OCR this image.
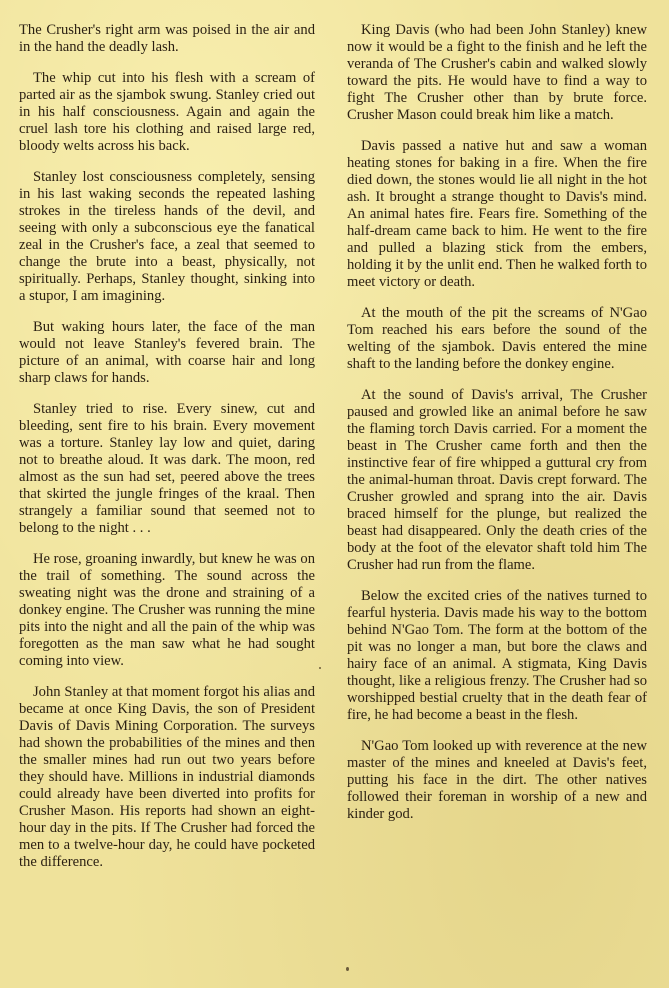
The Crusher's right arm was poised in the air and in the hand the deadly lash.

The whip cut into his flesh with a scream of parted air as the sjambok swung. Stanley cried out in his half consciousness. Again and again the cruel lash tore his clothing and raised large red, bloody welts across his back.

Stanley lost consciousness completely, sensing in his last waking seconds the repeated lashing strokes in the tireless hands of the devil, and seeing with only a subconscious eye the fanatical zeal in the Crusher's face, a zeal that seemed to change the brute into a beast, physically, not spiritually. Perhaps, Stanley thought, sinking into a stupor, I am imagining.

But waking hours later, the face of the man would not leave Stanley's fevered brain. The picture of an animal, with coarse hair and long sharp claws for hands.

Stanley tried to rise. Every sinew, cut and bleeding, sent fire to his brain. Every movement was a torture. Stanley lay low and quiet, daring not to breathe aloud. It was dark. The moon, red almost as the sun had set, peered above the trees that skirted the jungle fringes of the kraal. Then strangely a familiar sound that seemed not to belong to the night . . .

He rose, groaning inwardly, but knew he was on the trail of something. The sound across the sweating night was the drone and straining of a donkey engine. The Crusher was running the mine pits into the night and all the pain of the whip was foregotten as the man saw what he had sought coming into view.

John Stanley at that moment forgot his alias and became at once King Davis, the son of President Davis of Davis Mining Corporation. The surveys had shown the probabilities of the mines and then the smaller mines had run out two years before they should have. Millions in industrial diamonds could already have been diverted into profits for Crusher Mason. His reports had shown an eight-hour day in the pits. If The Crusher had forced the men to a twelve-hour day, he could have pocketed the difference.

King Davis (who had been John Stanley) knew now it would be a fight to the finish and he left the veranda of The Crusher's cabin and walked slowly toward the pits. He would have to find a way to fight The Crusher other than by brute force. Crusher Mason could break him like a match.

Davis passed a native hut and saw a woman heating stones for baking in a fire. When the fire died down, the stones would lie all night in the hot ash. It brought a strange thought to Davis's mind. An animal hates fire. Fears fire. Something of the half-dream came back to him. He went to the fire and pulled a blazing stick from the embers, holding it by the unlit end. Then he walked forth to meet victory or death.

At the mouth of the pit the screams of N'Gao Tom reached his ears before the sound of the welting of the sjambok. Davis entered the mine shaft to the landing before the donkey engine.

At the sound of Davis's arrival, The Crusher paused and growled like an animal before he saw the flaming torch Davis carried. For a moment the beast in The Crusher came forth and then the instinctive fear of fire whipped a guttural cry from the animal-human throat. Davis crept forward. The Crusher growled and sprang into the air. Davis braced himself for the plunge, but realized the beast had disappeared. Only the death cries of the body at the foot of the elevator shaft told him The Crusher had run from the flame.

Below the excited cries of the natives turned to fearful hysteria. Davis made his way to the bottom behind N'Gao Tom. The form at the bottom of the pit was no longer a man, but bore the claws and hairy face of an animal. A stigmata, King Davis thought, like a religious frenzy. The Crusher had so worshipped bestial cruelty that in the death fear of fire, he had become a beast in the flesh.

N'Gao Tom looked up with reverence at the new master of the mines and kneeled at Davis's feet, putting his face in the dirt. The other natives followed their foreman in worship of a new and kinder god.
